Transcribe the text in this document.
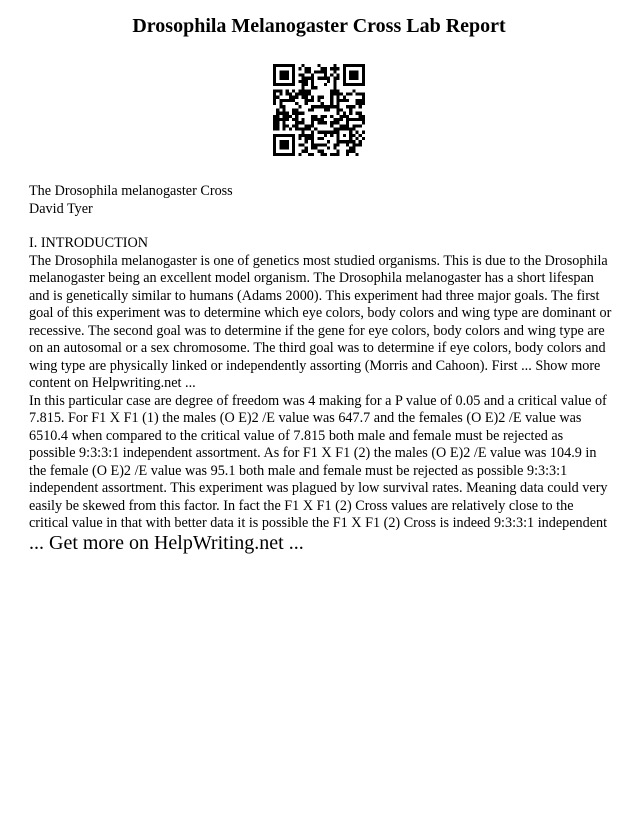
Drosophila Melanogaster Cross Lab Report
The Drosophila melanogaster Cross
David Tyer
I. INTRODUCTION
The Drosophila melanogaster is one of genetics most studied organisms. This is due to the Drosophila
melanogaster being an excellent model organism. The Drosophila melanogaster has a short lifespan
and is genetically similar to humans (Adams 2000). This experiment had three major goals. The first
goal of this experiment was to determine which eye colors, body colors and wing type are dominant or
recessive. The second goal was to determine if the gene for eye colors, body colors and wing type are
on an autosomal or a sex chromosome. The third goal was to determine if eye colors, body colors and
wing type are physically linked or independently assorting (Morris and Cahoon). First ... Show more
content on Helpwriting.net ...
In this particular case are degree of freedom was 4 making for a P value of 0.05 and a critical value of
7.815. For F1 X F1 (1) the males (O E)2 /E value was 647.7 and the females (O E)2 /E value was
6510.4 when compared to the critical value of 7.815 both male and female must be rejected as
possible 9:3:3:1 independent assortment. As for F1 X F1 (2) the males (O E)2 /E value was 104.9 in
the female (O E)2 /E value was 95.1 both male and female must be rejected as possible 9:3:3:1
independent assortment. This experiment was plagued by low survival rates. Meaning data could very
easily be skewed from this factor. In fact the F1 X F1 (2) Cross values are relatively close to the
critical value in that with better data it is possible the F1 X F1 (2) Cross is indeed 9:3:3:1 independent
... Get more on HelpWriting.net ...
